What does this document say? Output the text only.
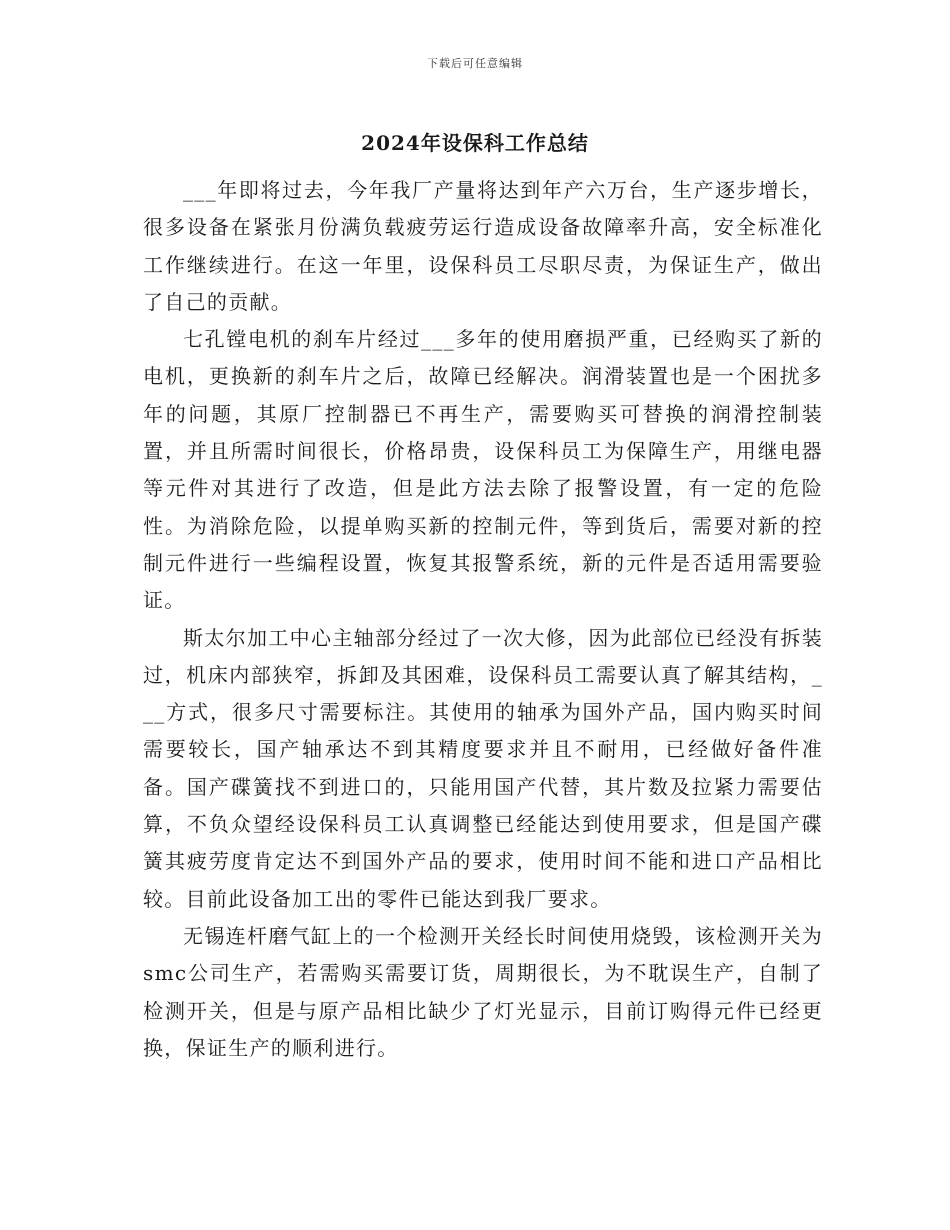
下载后可任意编辑
2024年设保科工作总结

___年即将过去，今年我厂产量将达到年产六万台，生产逐步增长，很多设备在紧张月份满负载疲劳运行造成设备故障率升高，安全标准化工作继续进行。在这一年里，设保科员工尽职尽责，为保证生产，做出了自己的贡献。

七孔镗电机的刹车片经过___多年的使用磨损严重，已经购买了新的电机，更换新的刹车片之后，故障已经解决。润滑装置也是一个困扰多年的问题，其原厂控制器已不再生产，需要购买可替换的润滑控制装置，并且所需时间很长，价格昂贵，设保科员工为保障生产，用继电器等元件对其进行了改造，但是此方法去除了报警设置，有一定的危险性。为消除危险，以提单购买新的控制元件，等到货后，需要对新的控制元件进行一些编程设置，恢复其报警系统，新的元件是否适用需要验证。

斯太尔加工中心主轴部分经过了一次大修，因为此部位已经没有拆装过，机床内部狭窄，拆卸及其困难，设保科员工需要认真了解其结构，___方式，很多尺寸需要标注。其使用的轴承为国外产品，国内购买时间需要较长，国产轴承达不到其精度要求并且不耐用，已经做好备件准备。国产碟簧找不到进口的，只能用国产代替，其片数及拉紧力需要估算，不负众望经设保科员工认真调整已经能达到使用要求，但是国产碟簧其疲劳度肯定达不到国外产品的要求，使用时间不能和进口产品相比较。目前此设备加工出的零件已能达到我厂要求。

无锡连杆磨气缸上的一个检测开关经长时间使用烧毁，该检测开关为smc公司生产，若需购买需要订货，周期很长，为不耽误生产，自制了检测开关，但是与原产品相比缺少了灯光显示，目前订购得元件已经更换，保证生产的顺利进行。
